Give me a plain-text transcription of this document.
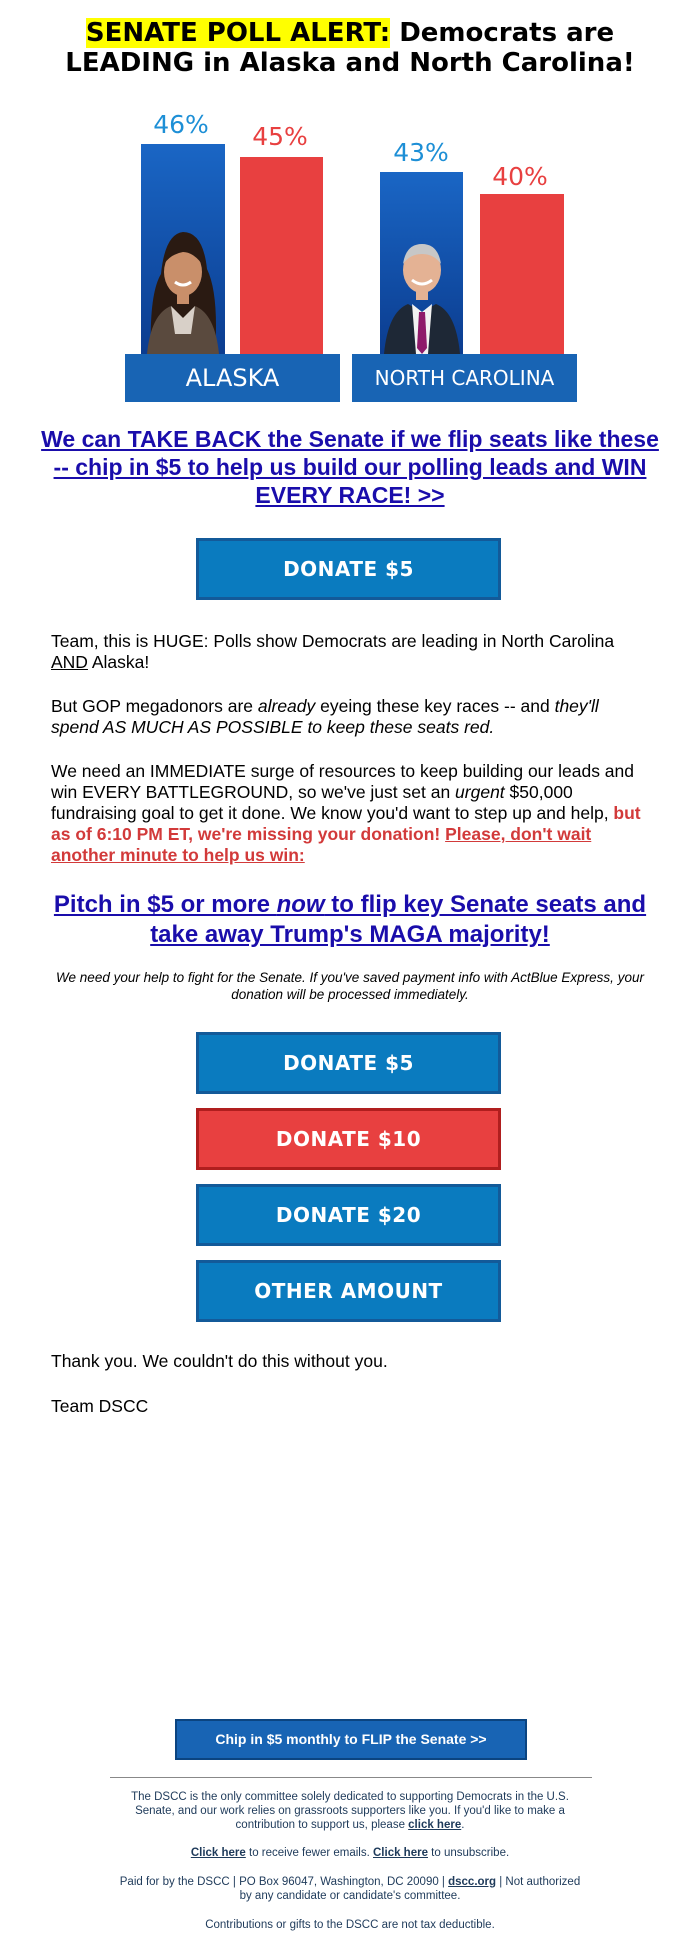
SENATE POLL ALERT: Democrats are
LEADING in Alaska and North Carolina!
46%	45%
ALASKA
43%
40%
NORTH CAROLINA
We can TAKE BACK the Senate if we flip seats like these -- chip in $5 to help us build our polling leads and WIN EVERY RACE! >>
DONATE $5
Team, this is HUGE: Polls show Democrats are leading in North Carolina AND Alaska!
But GOP megadonors are already eyeing these key races -- and they'll spend AS MUCH AS POSSIBLE to keep these seats red.
We need an IMMEDIATE surge of resources to keep building our leads and win EVERY BATTLEGROUND, so we've just set an urgent $50,000 fundraising goal to get it done. We know you'd want to step up and help, but as of 6:10 PM ET, we're missing your donation! Please, don't wait another minute to help us win:
Pitch in $5 or more now to flip key Senate seats and take away Trump's MAGA majority!
We need your help to fight for the Senate. If you've saved payment info with ActBlue Express, your donation will be processed immediately.
DONATE $5
DONATE $10
DONATE $20
OTHER AMOUNT
Thank you. We couldn't do this without you.
Team DSCC
Chip in $5 monthly to FLIP the Senate >>
The DSCC is the only committee solely dedicated to supporting Democrats in the U.S. Senate, and our work relies on grassroots supporters like you. If you'd like to make a contribution to support us, please click here.
Click here to receive fewer emails. Click here to unsubscribe.
Paid for by the DSCC | PO Box 96047, Washington, DC 20090 | dscc.org | Not authorized by any candidate or candidate's committee.
Contributions or gifts to the DSCC are not tax deductible.
